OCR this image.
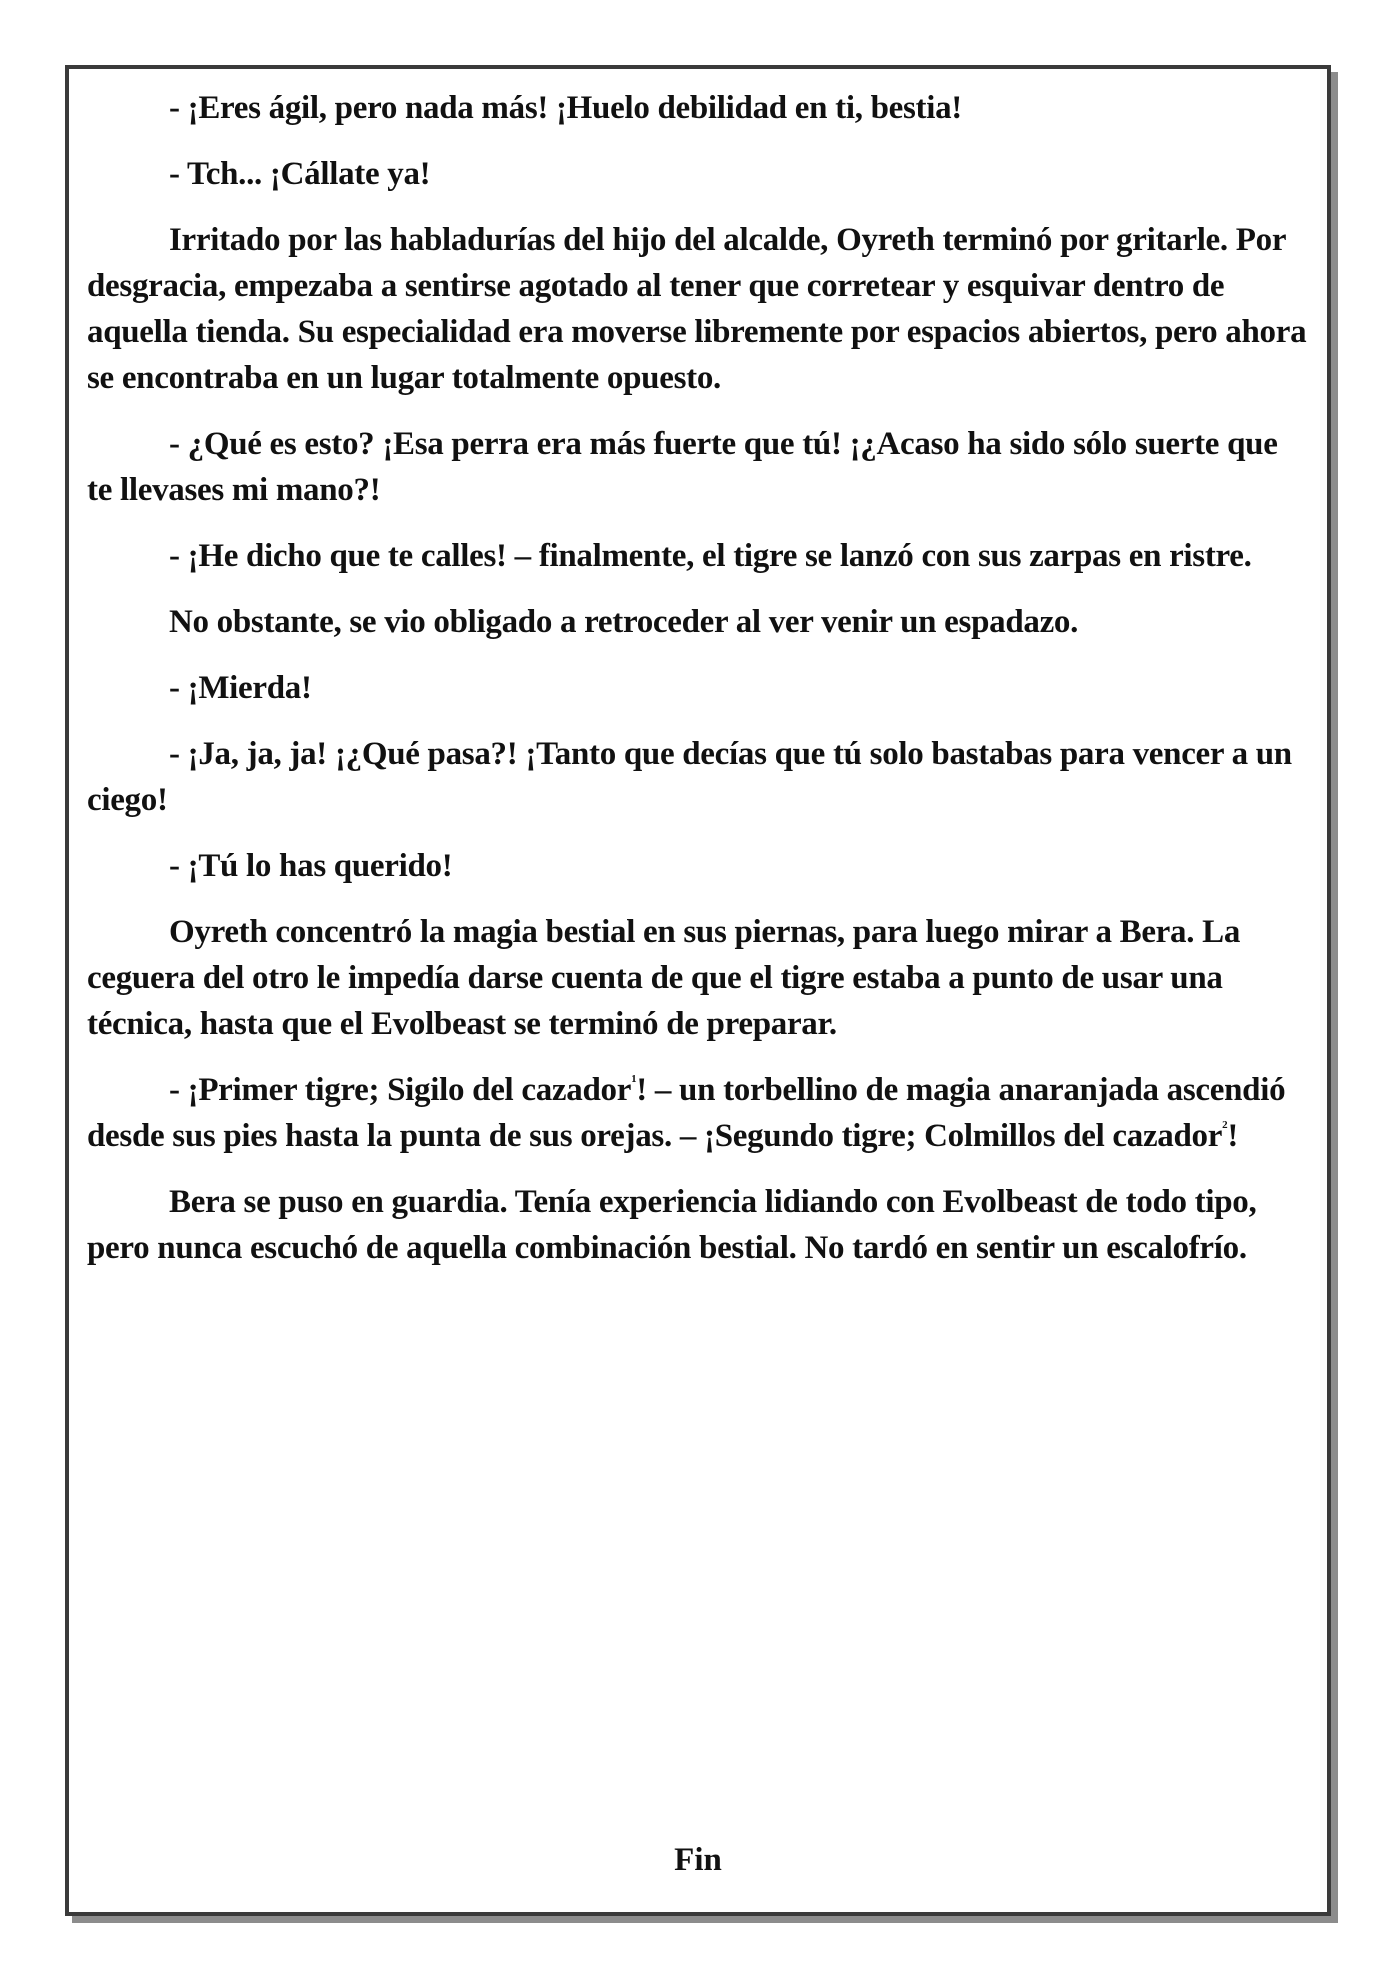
- ¡Eres ágil, pero nada más! ¡Huelo debilidad en ti, bestia!

- Tch... ¡Cállate ya!

Irritado por las habladurías del hijo del alcalde, Oyreth terminó por gritarle. Por desgracia, empezaba a sentirse agotado al tener que corretear y esquivar dentro de aquella tienda. Su especialidad era moverse libremente por espacios abiertos, pero ahora se encontraba en un lugar totalmente opuesto.

- ¿Qué es esto? ¡Esa perra era más fuerte que tú! ¡¿Acaso ha sido sólo suerte que te llevases mi mano?!

- ¡He dicho que te calles! – finalmente, el tigre se lanzó con sus zarpas en ristre.

No obstante, se vio obligado a retroceder al ver venir un espadazo.

- ¡Mierda!

- ¡Ja, ja, ja! ¡¿Qué pasa?! ¡Tanto que decías que tú solo bastabas para vencer a un ciego!

- ¡Tú lo has querido!

Oyreth concentró la magia bestial en sus piernas, para luego mirar a Bera. La ceguera del otro le impedía darse cuenta de que el tigre estaba a punto de usar una técnica, hasta que el Evolbeast se terminó de preparar.

- ¡Primer tigre; Sigilo del cazador$^1$! – un torbellino de magia anaranjada ascendió desde sus pies hasta la punta de sus orejas. – ¡Segundo tigre; Colmillos del cazador$^2$!

Bera se puso en guardia. Tenía experiencia lidiando con Evolbeast de todo tipo, pero nunca escuchó de aquella combinación bestial. No tardó en sentir un escalofrío.

Fin
